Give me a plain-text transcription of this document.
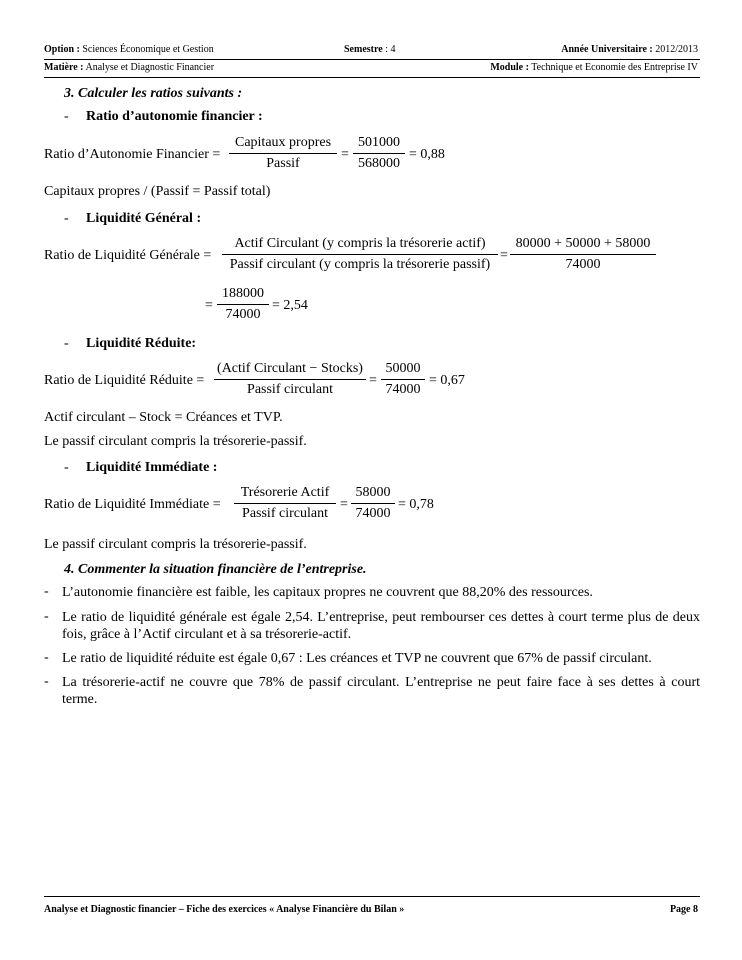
Option : Sciences Économique et Gestion	Semestre : 4	Année Universitaire : 2012/2013
Matière : Analyse et Diagnostic Financier	Module : Technique et Economie des Entreprise IV
3. Calculer les ratios suivants :
- Ratio d’autonomie financier :
Ratio d’Autonomie Financier =
Capitaux propres
Passif
= $\frac{501000}{568000} = 0,88$
Capitaux propres / (Passif = Passif total)
- Liquidité Général :
Ratio de Liquidité Générale =
Actif Circulant (y compris la trésorerie actif)
Passif circulant (y compris la trésorerie passif)
= $\frac{80000 + 50000 + 58000}{74000}$
= $\frac{188000}{74000} = 2,54$
- Liquidité Réduite:
Ratio de Liquidité Réduite =
(Actif Circulant − Stocks)
Passif circulant
= $\frac{50000}{74000} = 0,67$
Actif circulant – Stock = Créances et TVP.
Le passif circulant compris la trésorerie-passif.
- Liquidité Immédiate :
Ratio de Liquidité Immédiate =
Trésorerie Actif
Passif circulant
= $\frac{58000}{74000} = 0,78$
Le passif circulant compris la trésorerie-passif.
4. Commenter la situation financière de l’entreprise.
- L’autonomie financière est faible, les capitaux propres ne couvrent que 88,20% des ressources.
- Le ratio de liquidité générale est égale 2,54. L’entreprise, peut rembourser ces dettes à court terme plus de deux fois, grâce à l’Actif circulant et à sa trésorerie-actif.
- Le ratio de liquidité réduite est égale 0,67 : Les créances et TVP ne couvrent que 67% de passif circulant.
- La trésorerie-actif ne couvre que 78% de passif circulant. L’entreprise ne peut faire face à ses dettes à court terme.
Analyse et Diagnostic financier – Fiche des exercices « Analyse Financière du Bilan »	Page 8
